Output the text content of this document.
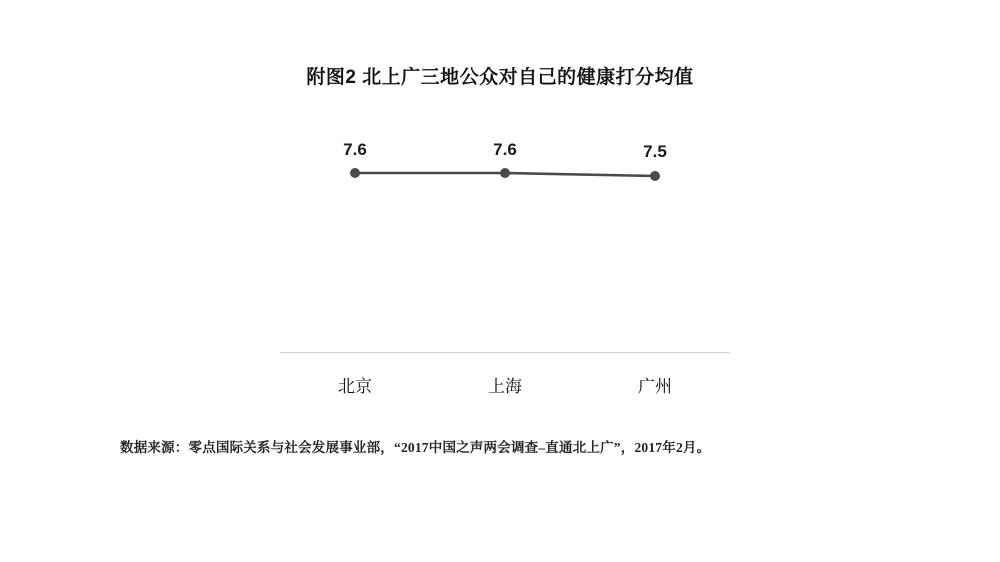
附图2 北上广三地公众对自己的健康打分均值
7.6	7.6	7.5
北京	上海	广州
数据来源：零点国际关系与社会发展事业部，“2017中国之声两会调查–直通北上广”，2017年2月。
